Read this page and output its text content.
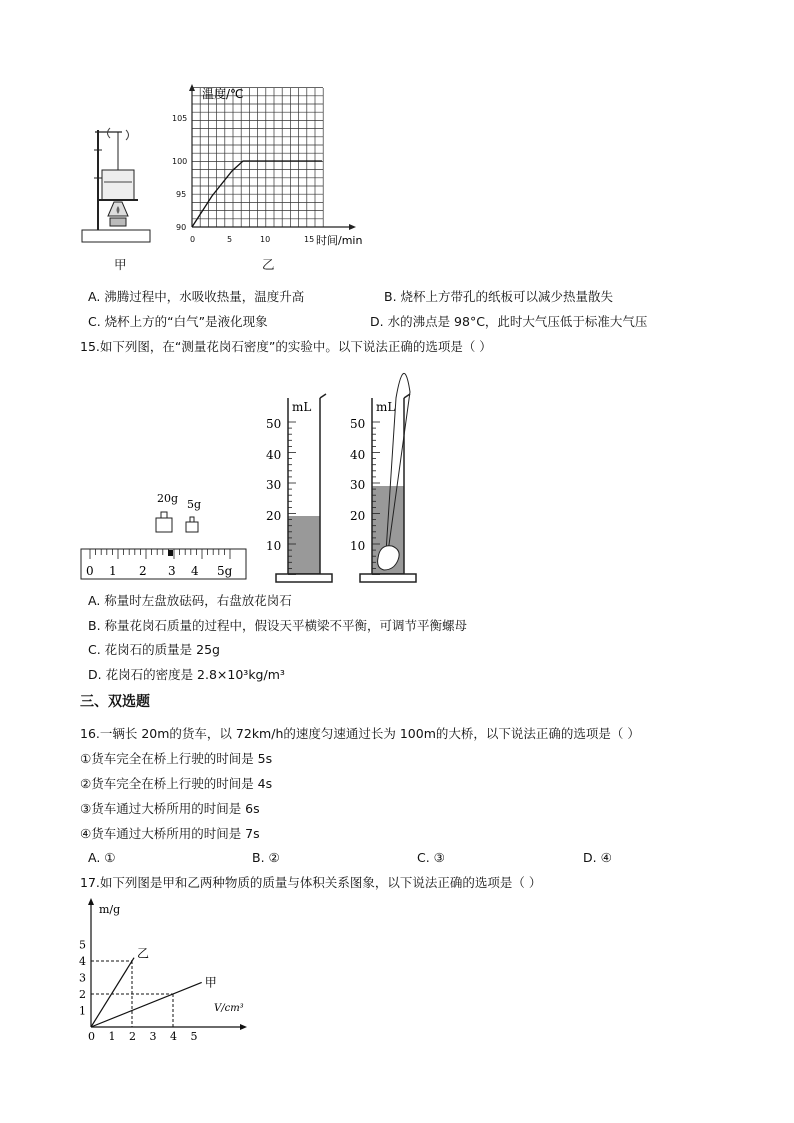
甲
温度/℃
105
100
95
90
0	5	10	15 时间/min
乙
A. 沸腾过程中，水吸收热量，温度升高	B. 烧杯上方带孔的纸板可以减少热量散失
C. 烧杯上方的“白气”是液化现象	D. 水的沸点是 98°C，此时大气压低于标准大气压
15.如下列图，在“测量花岗石密度”的实验中。以下说法正确的选项是（ ）
20g 5g
0 1 2 3 4 5g
mL
50
40
30
20
10
mL
50
40
30
20
10
A. 称量时左盘放砝码，右盘放花岗石
B. 称量花岗石质量的过程中，假设天平横梁不平衡，可调节平衡螺母
C. 花岗石的质量是 25g
D. 花岗石的密度是 2.8×10³kg/m³
三、双选题
16.一辆长 20m的货车，以 72km/h的速度匀速通过长为 100m的大桥，以下说法正确的选项是（ ）
①货车完全在桥上行驶的时间是 5s
②货车完全在桥上行驶的时间是 4s
③货车通过大桥所用的时间是 6s
④货车通过大桥所用的时间是 7s
A. ①	B. ②	C. ③	D. ④
17.如下列图是甲和乙两种物质的质量与体积关系图象，以下说法正确的选项是（ ）
m/g
V/cm³
1
2
3
4
5
0 1 2 3 4 5
乙
甲
